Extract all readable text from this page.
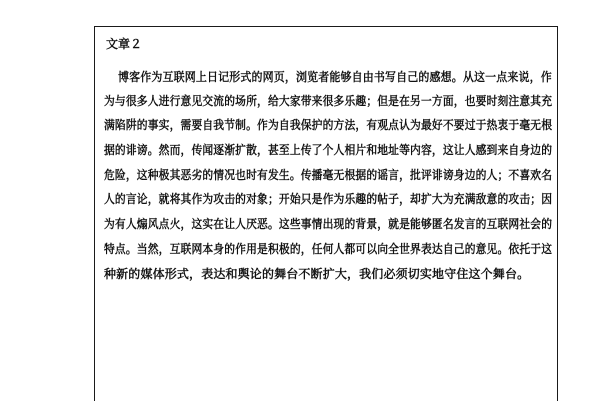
文章２
博客作为互联网上日记形式的网页，浏览者能够自由书写自己的感想。从这一点来说，作
为与很多人进行意见交流的场所，给大家带来很多乐趣；但是在另一方面，也要时刻注意其充
满陷阱的事实，需要自我节制。作为自我保护的方法，有观点认为最好不要过于热衷于毫无根
据的诽谤。然而，传闻逐渐扩散，甚至上传了个人相片和地址等内容，这让人感到来自身边的
危险，这种极其恶劣的情况也时有发生。传播毫无根据的谣言，批评诽谤身边的人；不喜欢名
人的言论，就将其作为攻击的对象；开始只是作为乐趣的帖子，却扩大为充满敌意的攻击；因
为有人煽风点火，这实在让人厌恶。这些事情出现的背景，就是能够匿名发言的互联网社会的
特点。当然，互联网本身的作用是积极的，任何人都可以向全世界表达自己的意见。依托于这
种新的媒体形式，表达和舆论的舞台不断扩大，我们必须切实地守住这个舞台。
